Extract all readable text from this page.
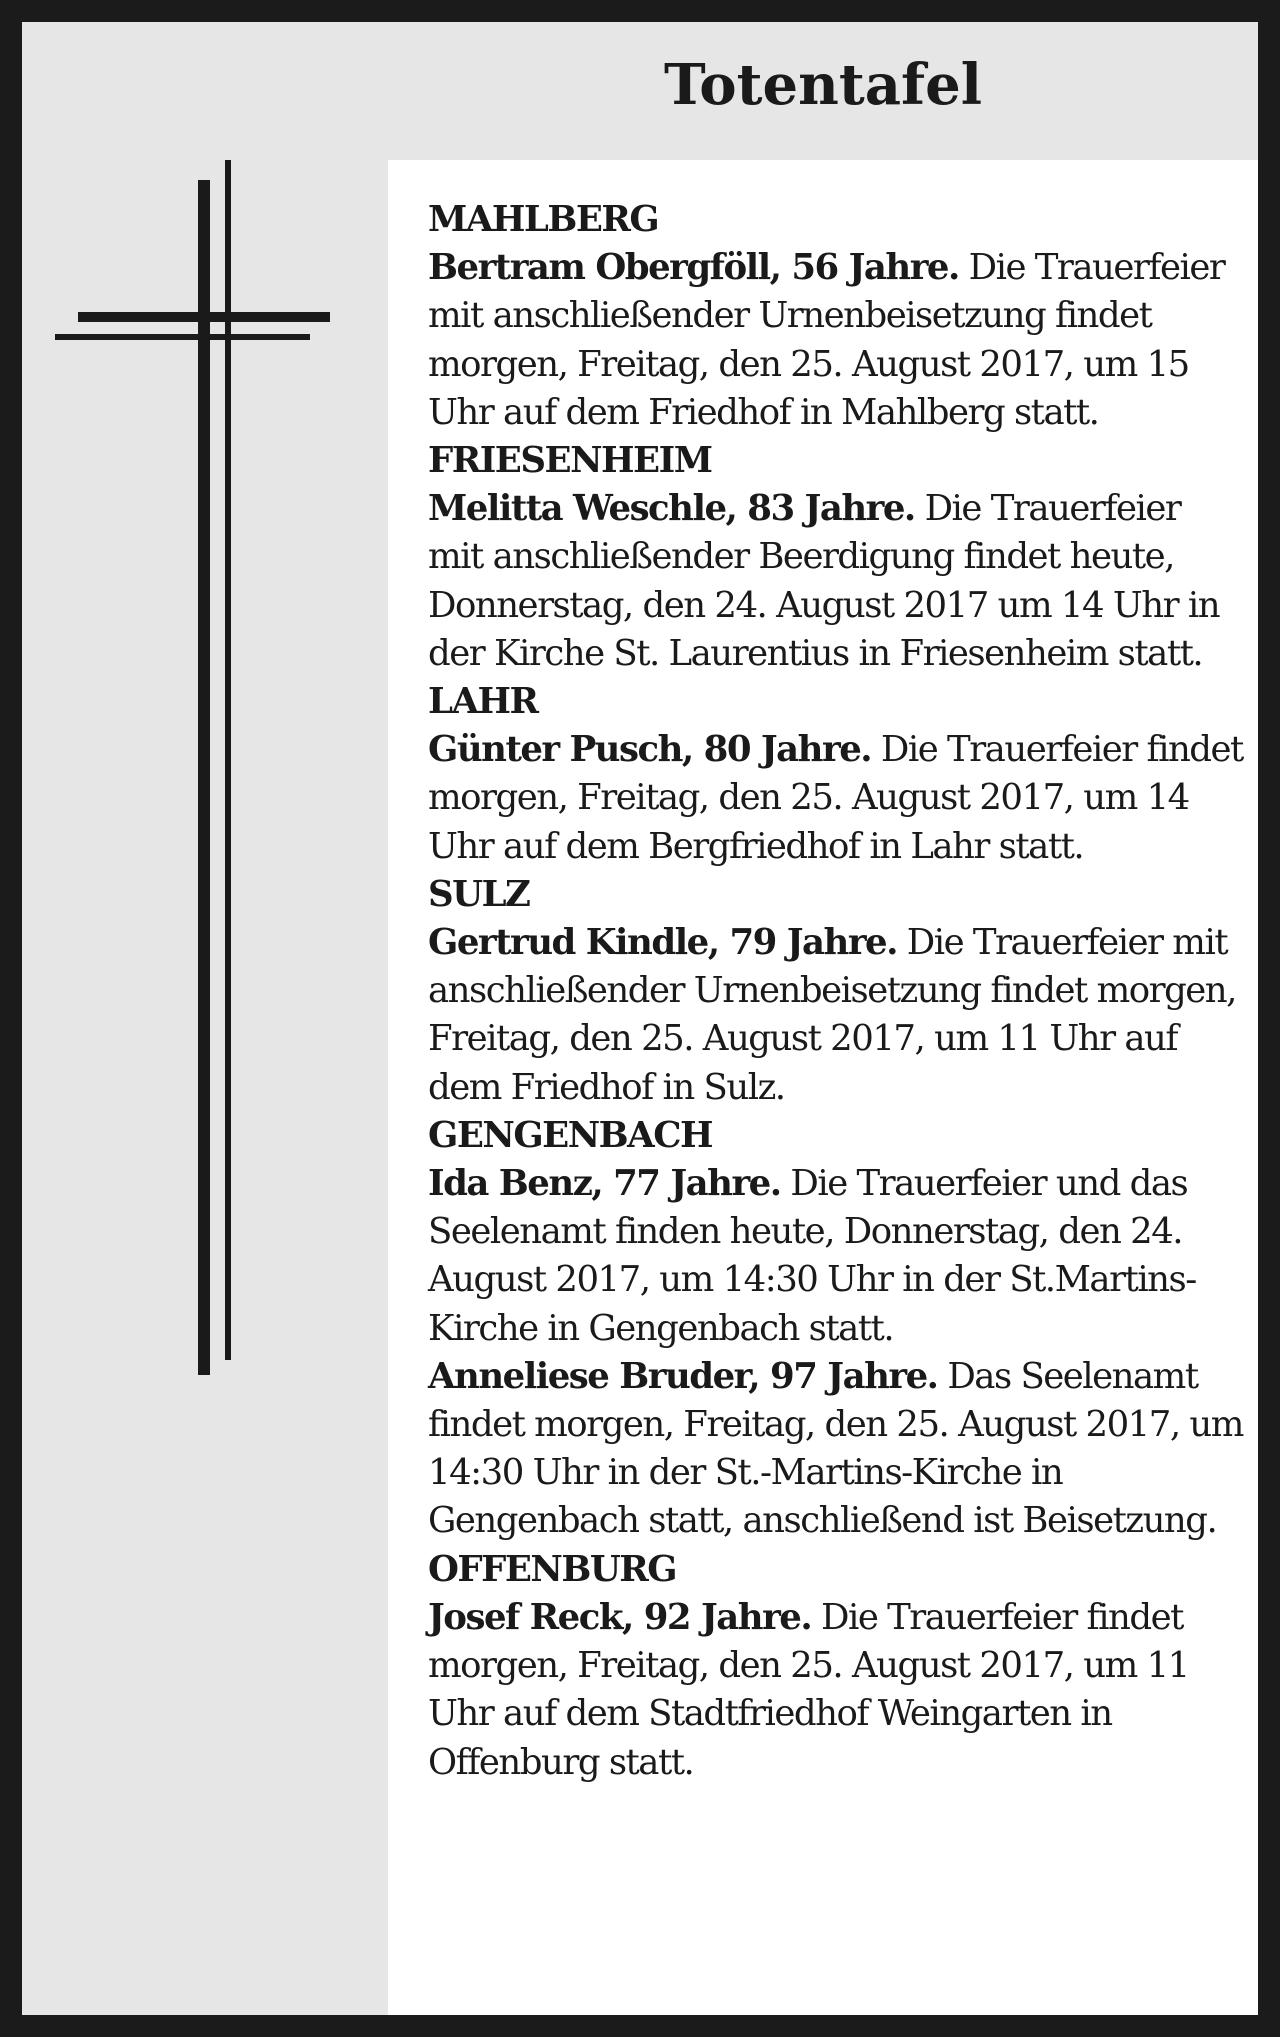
Totentafel
MAHLBERG
Bertram Obergföll, 56 Jahre. Die Trauerfeier mit anschließender Urnenbeisetzung findet morgen, Freitag, den 25. August 2017, um 15 Uhr auf dem Friedhof in Mahlberg statt.
FRIESENHEIM
Melitta Weschle, 83 Jahre. Die Trauerfeier mit anschließender Beerdigung findet heute, Donnerstag, den 24. August 2017 um 14 Uhr in der Kirche St. Laurentius in Friesenheim statt.
LAHR
Günter Pusch, 80 Jahre. Die Trauerfeier findet morgen, Freitag, den 25. August 2017, um 14 Uhr auf dem Bergfriedhof in Lahr statt.
SULZ
Gertrud Kindle, 79 Jahre. Die Trauerfeier mit anschließender Urnenbeisetzung findet morgen, Freitag, den 25. August 2017, um 11 Uhr auf dem Friedhof in Sulz.
GENGENBACH
Ida Benz, 77 Jahre. Die Trauerfeier und das Seelenamt finden heute, Donnerstag, den 24. August 2017, um 14:30 Uhr in der St.Martins-Kirche in Gengenbach statt.
Anneliese Bruder, 97 Jahre. Das Seelenamt findet morgen, Freitag, den 25. August 2017, um 14:30 Uhr in der St.-Martins-Kirche in Gengenbach statt, anschließend ist Beisetzung.
OFFENBURG
Josef Reck, 92 Jahre. Die Trauerfeier findet morgen, Freitag, den 25. August 2017, um 11 Uhr auf dem Stadtfriedhof Weingarten in Offenburg statt.
